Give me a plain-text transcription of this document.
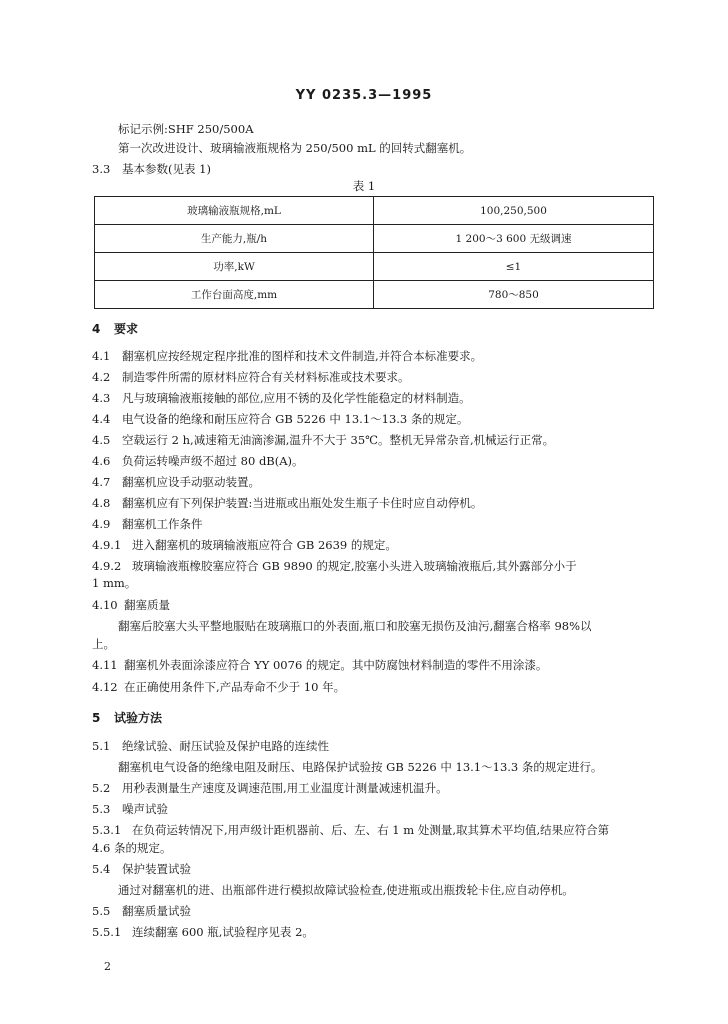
YY 0235.3—1995
标记示例:SHF 250/500A
第一次改进设计、玻璃输液瓶规格为 250/500 mL 的回转式翻塞机。
3.3 基本参数(见表 1)
表 1
玻璃输液瓶规格,mL	100,250,500
生产能力,瓶/h	1 200～3 600 无级调速
功率,kW	≤1
工作台面高度,mm	780～850
4 要求
4.1 翻塞机应按经规定程序批准的图样和技术文件制造,并符合本标准要求。
4.2 制造零件所需的原材料应符合有关材料标准或技术要求。
4.3 凡与玻璃输液瓶接触的部位,应用不锈的及化学性能稳定的材料制造。
4.4 电气设备的绝缘和耐压应符合 GB 5226 中 13.1～13.3 条的规定。
4.5 空载运行 2 h,减速箱无油滴渗漏,温升不大于 35℃。整机无异常杂音,机械运行正常。
4.6 负荷运转噪声级不超过 80 dB(A)。
4.7 翻塞机应设手动驱动装置。
4.8 翻塞机应有下列保护装置:当进瓶或出瓶处发生瓶子卡住时应自动停机。
4.9 翻塞机工作条件
4.9.1 进入翻塞机的玻璃输液瓶应符合 GB 2639 的规定。
4.9.2 玻璃输液瓶橡胶塞应符合 GB 9890 的规定,胶塞小头进入玻璃输液瓶后,其外露部分小于
1 mm。
4.10 翻塞质量
翻塞后胶塞大头平整地服贴在玻璃瓶口的外表面,瓶口和胶塞无损伤及油污,翻塞合格率 98%以
上。
4.11 翻塞机外表面涂漆应符合 YY 0076 的规定。其中防腐蚀材料制造的零件不用涂漆。
4.12 在正确使用条件下,产品寿命不少于 10 年。
5 试验方法
5.1 绝缘试验、耐压试验及保护电路的连续性
翻塞机电气设备的绝缘电阻及耐压、电路保护试验按 GB 5226 中 13.1～13.3 条的规定进行。
5.2 用秒表测量生产速度及调速范围,用工业温度计测量减速机温升。
5.3 噪声试验
5.3.1 在负荷运转情况下,用声级计距机器前、后、左、右 1 m 处测量,取其算术平均值,结果应符合第
4.6 条的规定。
5.4 保护装置试验
通过对翻塞机的进、出瓶部件进行模拟故障试验检查,使进瓶或出瓶拨轮卡住,应自动停机。
5.5 翻塞质量试验
5.5.1 连续翻塞 600 瓶,试验程序见表 2。
2
